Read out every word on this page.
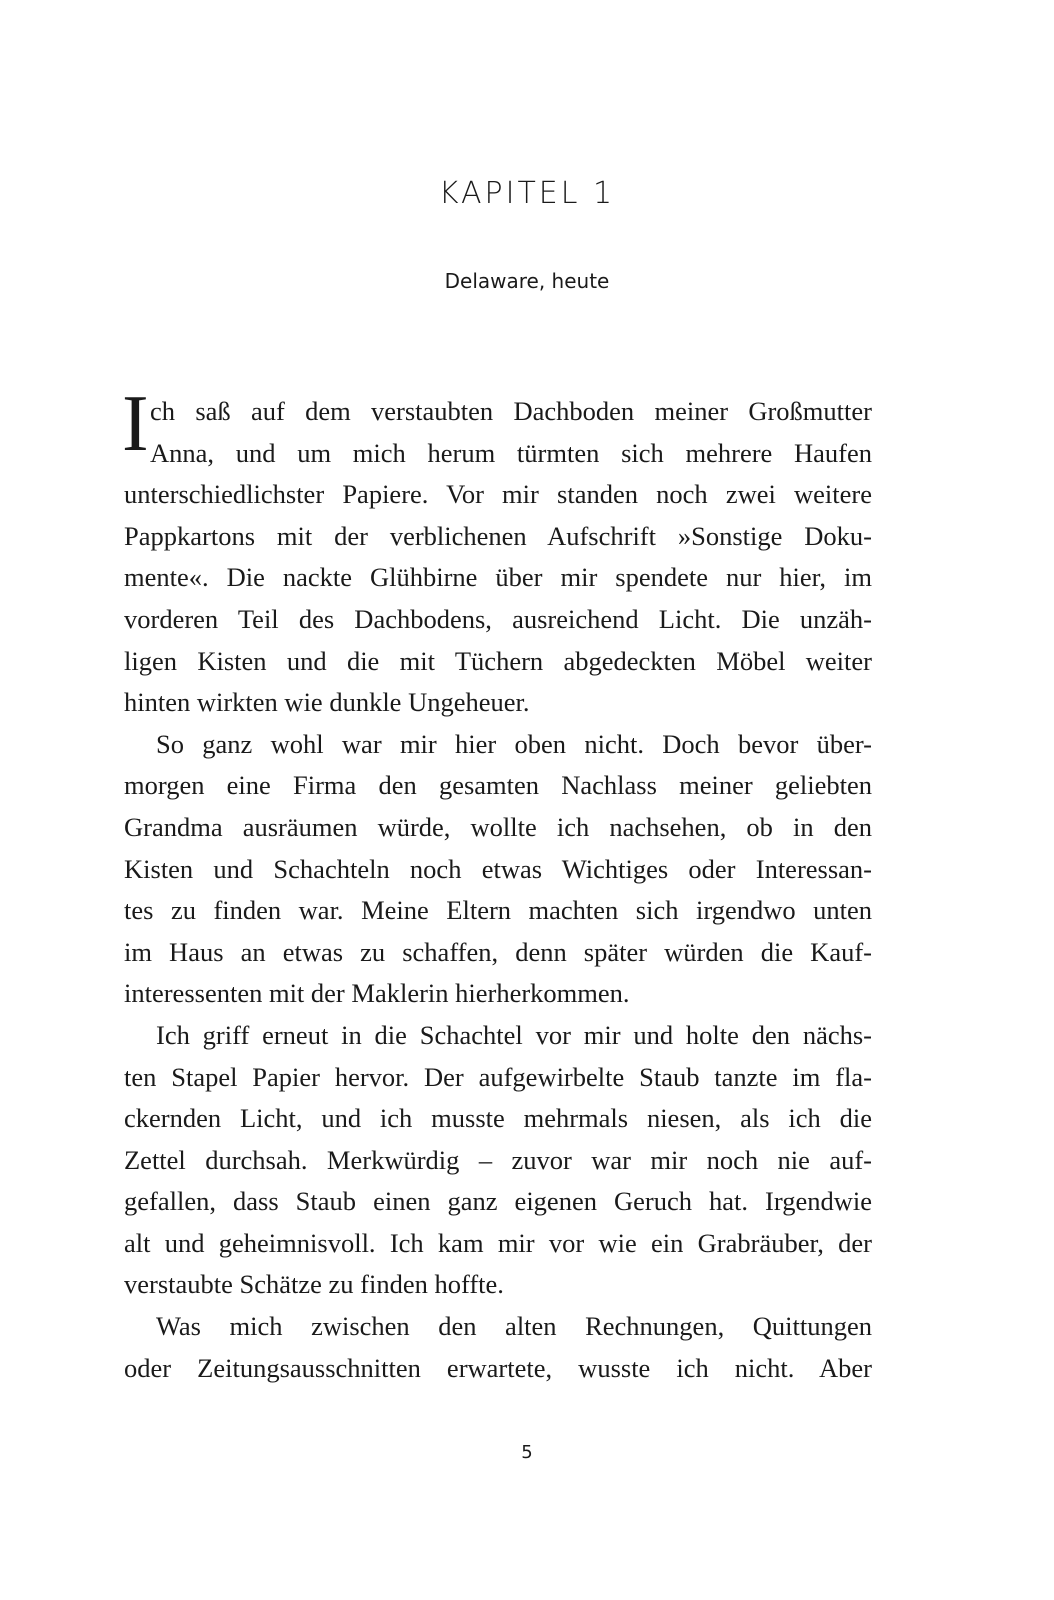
KAPITEL 1
Delaware, heute
I ch saß auf dem verstaubten Dachboden meiner Großmutter
Anna, und um mich herum türmten sich mehrere Haufen
unterschiedlichster Papiere. Vor mir standen noch zwei weitere
Pappkartons mit der verblichenen Aufschrift »Sonstige Doku-
mente«. Die nackte Glühbirne über mir spendete nur hier, im
vorderen Teil des Dachbodens, ausreichend Licht. Die unzäh-
ligen Kisten und die mit Tüchern abgedeckten Möbel weiter
hinten wirkten wie dunkle Ungeheuer.
So ganz wohl war mir hier oben nicht. Doch bevor über-
morgen eine Firma den gesamten Nachlass meiner geliebten
Grandma ausräumen würde, wollte ich nachsehen, ob in den
Kisten und Schachteln noch etwas Wichtiges oder Interessan-
tes zu finden war. Meine Eltern machten sich irgendwo unten
im Haus an etwas zu schaffen, denn später würden die Kauf-
interessenten mit der Maklerin hierherkommen.
Ich griff erneut in die Schachtel vor mir und holte den nächs-
ten Stapel Papier hervor. Der aufgewirbelte Staub tanzte im fla-
ckernden Licht, und ich musste mehrmals niesen, als ich die
Zettel durchsah. Merkwürdig – zuvor war mir noch nie auf-
gefallen, dass Staub einen ganz eigenen Geruch hat. Irgendwie
alt und geheimnisvoll. Ich kam mir vor wie ein Grabräuber, der
verstaubte Schätze zu finden hoffte.
Was mich zwischen den alten Rechnungen, Quittungen
oder Zeitungsausschnitten erwartete, wusste ich nicht. Aber
5
